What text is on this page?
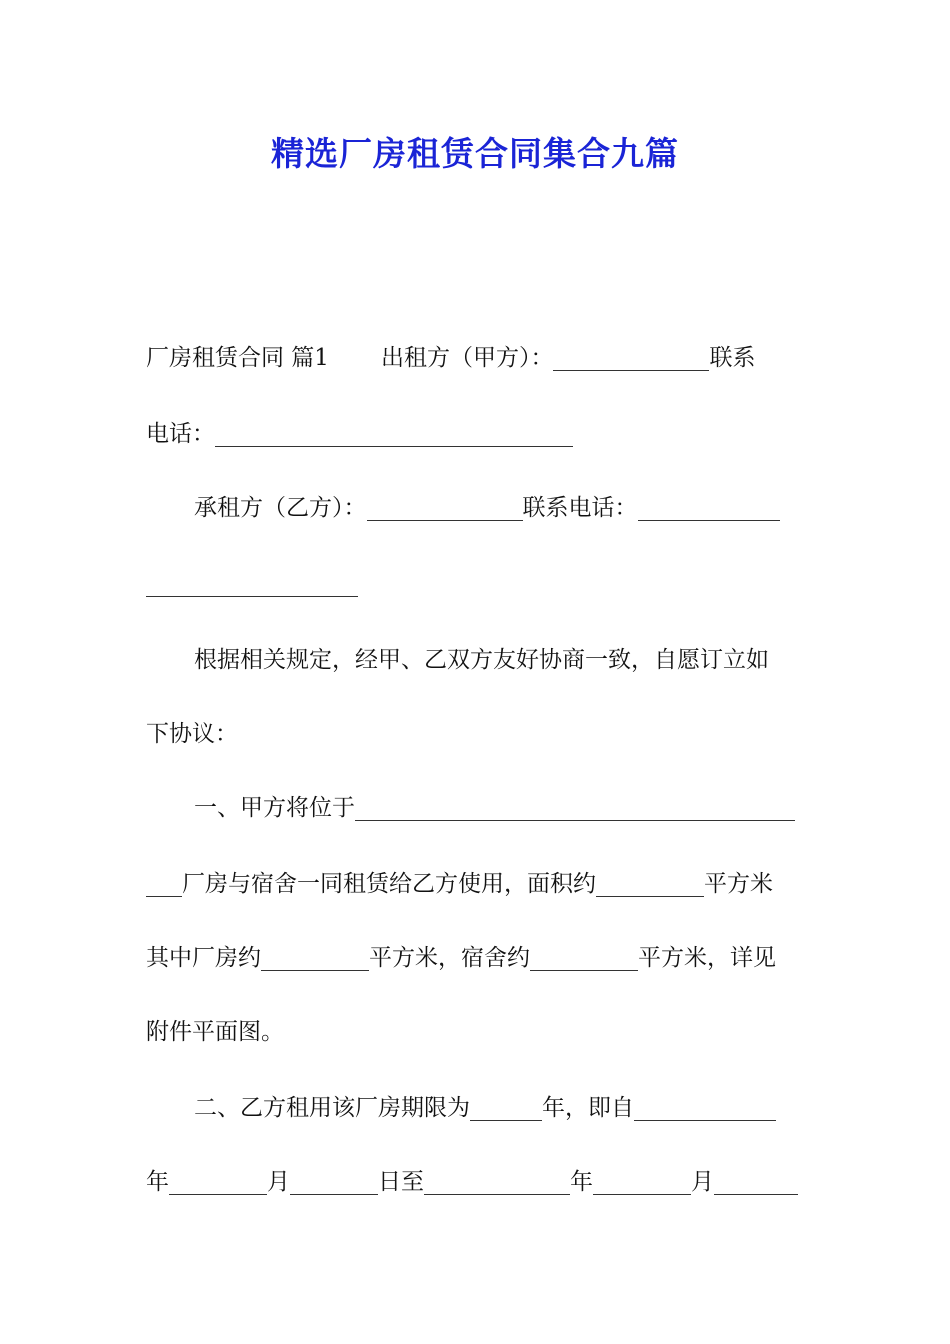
精选厂房租赁合同集合九篇
厂房租赁合同 篇1 出租方（甲方）：	联系
电话：
承租方（乙方）：	联系电话：
根据相关规定，经甲、乙双方友好协商一致，自愿订立如
下协议：
一、甲方将位于
厂房与宿舍一同租赁给乙方使用，面积约	平方米
其中厂房约	平方米，宿舍约	平方米，详见
附件平面图。
二、乙方租用该厂房期限为	年，即自
年	月	日至	年	月
